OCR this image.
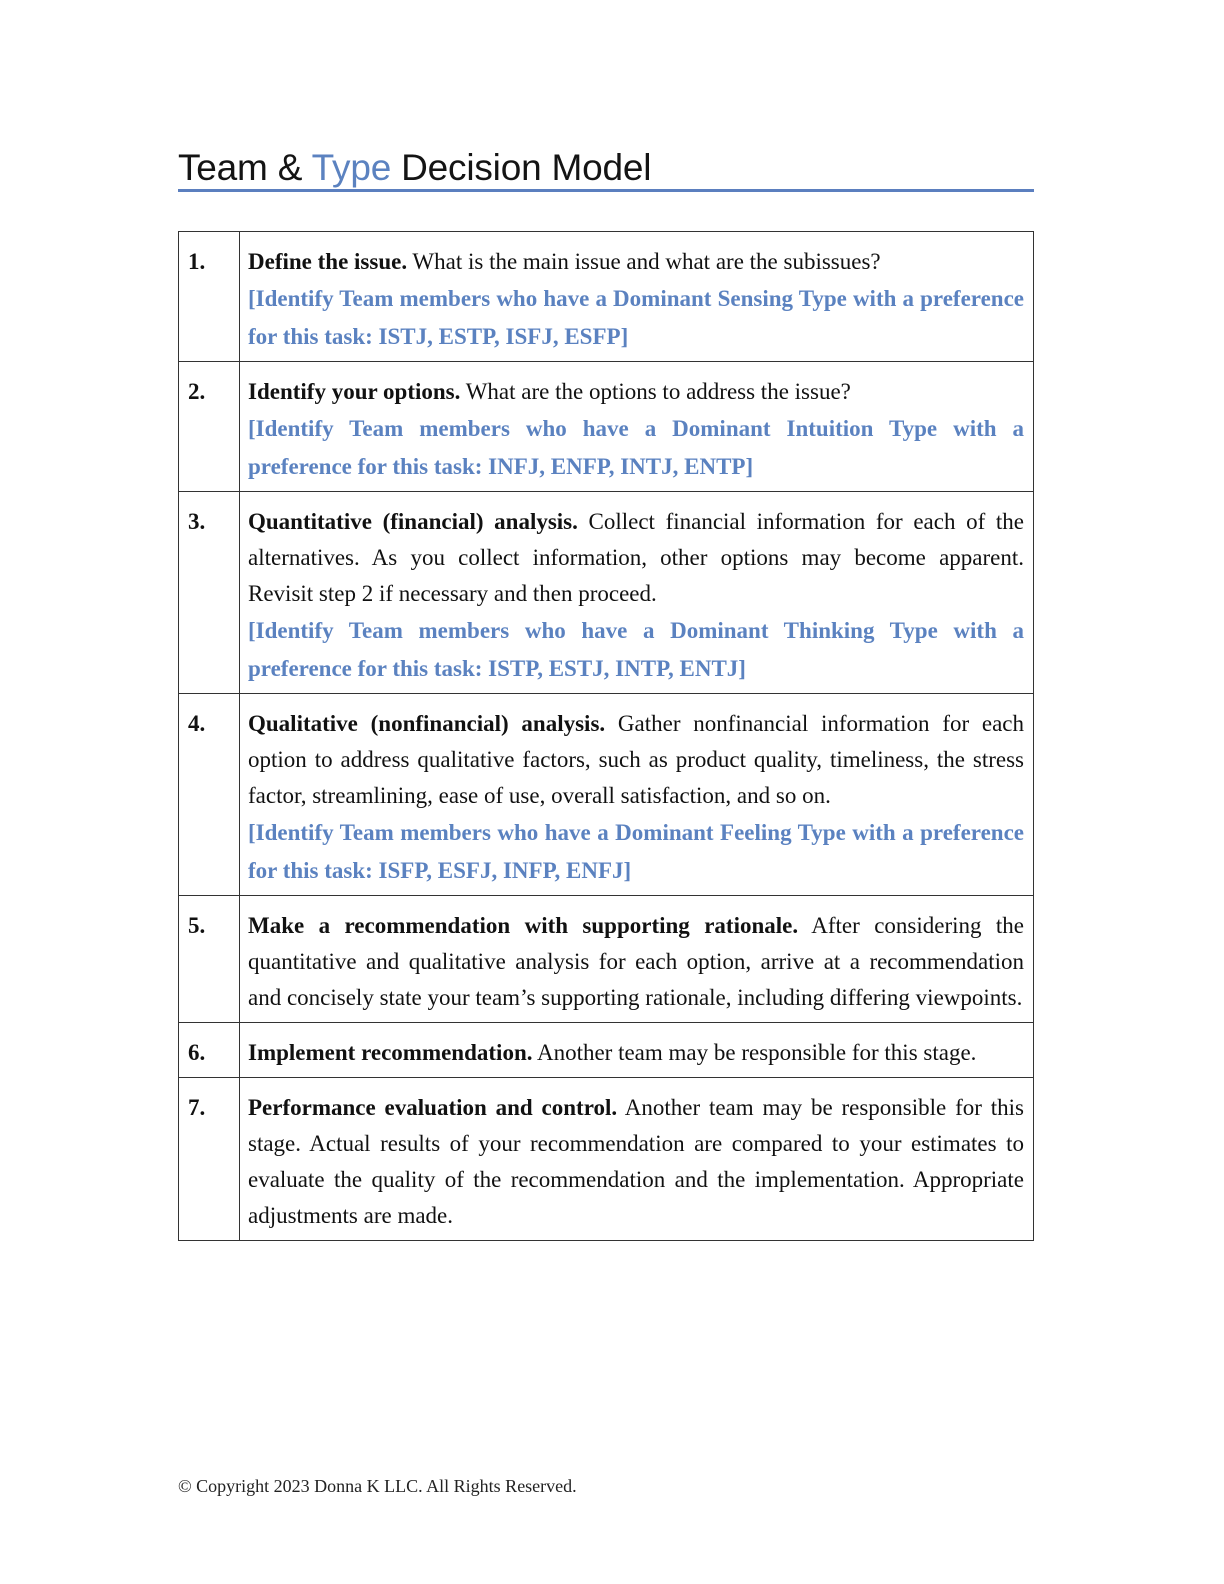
Team & Type Decision Model
1.	Define the issue. What is the main issue and what are the subissues?

[Identify Team members who have a Dominant Sensing Type with a preference for this task: ISTJ, ESTP, ISFJ, ESFP]

2.	Identify your options. What are the options to address the issue?

[Identify Team members who have a Dominant Intuition Type with a preference for this task: INFJ, ENFP, INTJ, ENTP]

3.	Quantitative (financial) analysis. Collect financial information for each of the alternatives. As you collect information, other options may become apparent. Revisit step 2 if necessary and then proceed.

[Identify Team members who have a Dominant Thinking Type with a preference for this task: ISTP, ESTJ, INTP, ENTJ]

4.	Qualitative (nonfinancial) analysis. Gather nonfinancial information for each option to address qualitative factors, such as product quality, timeliness, the stress factor, streamlining, ease of use, overall satisfaction, and so on.

[Identify Team members who have a Dominant Feeling Type with a preference for this task: ISFP, ESFJ, INFP, ENFJ]

5.	Make a recommendation with supporting rationale. After considering the quantitative and qualitative analysis for each option, arrive at a recommendation and concisely state your team’s supporting rationale, including differing viewpoints.

6.	Implement recommendation. Another team may be responsible for this stage.

7.	Performance evaluation and control. Another team may be responsible for this stage. Actual results of your recommendation are compared to your estimates to evaluate the quality of the recommendation and the implementation. Appropriate adjustments are made.

© Copyright 2023 Donna K LLC. All Rights Reserved.
